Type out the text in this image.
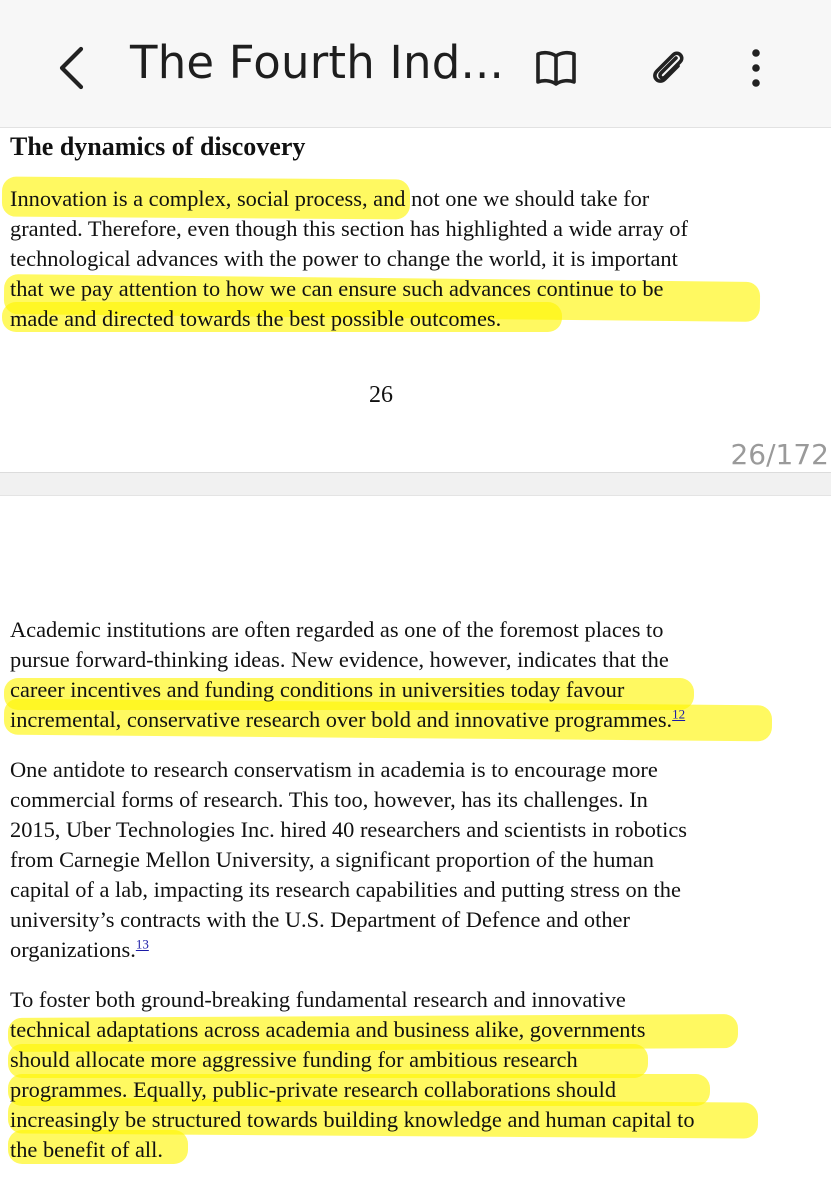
The Fourth Ind...
The dynamics of discovery

Innovation is a complex, social process, and not one we should take for
granted. Therefore, even though this section has highlighted a wide array of
technological advances with the power to change the world, it is important
that we pay attention to how we can ensure such advances continue to be
made and directed towards the best possible outcomes.

26
26/172

Academic institutions are often regarded as one of the foremost places to
pursue forward-thinking ideas. New evidence, however, indicates that the
career incentives and funding conditions in universities today favour
incremental, conservative research over bold and innovative programmes.$^{12}$

One antidote to research conservatism in academia is to encourage more
commercial forms of research. This too, however, has its challenges. In
2015, Uber Technologies Inc. hired 40 researchers and scientists in robotics
from Carnegie Mellon University, a significant proportion of the human
capital of a lab, impacting its research capabilities and putting stress on the
university’s contracts with the U.S. Department of Defence and other
organizations.$^{13}$

To foster both ground-breaking fundamental research and innovative
technical adaptations across academia and business alike, governments
should allocate more aggressive funding for ambitious research
programmes. Equally, public-private research collaborations should
increasingly be structured towards building knowledge and human capital to
the benefit of all.
